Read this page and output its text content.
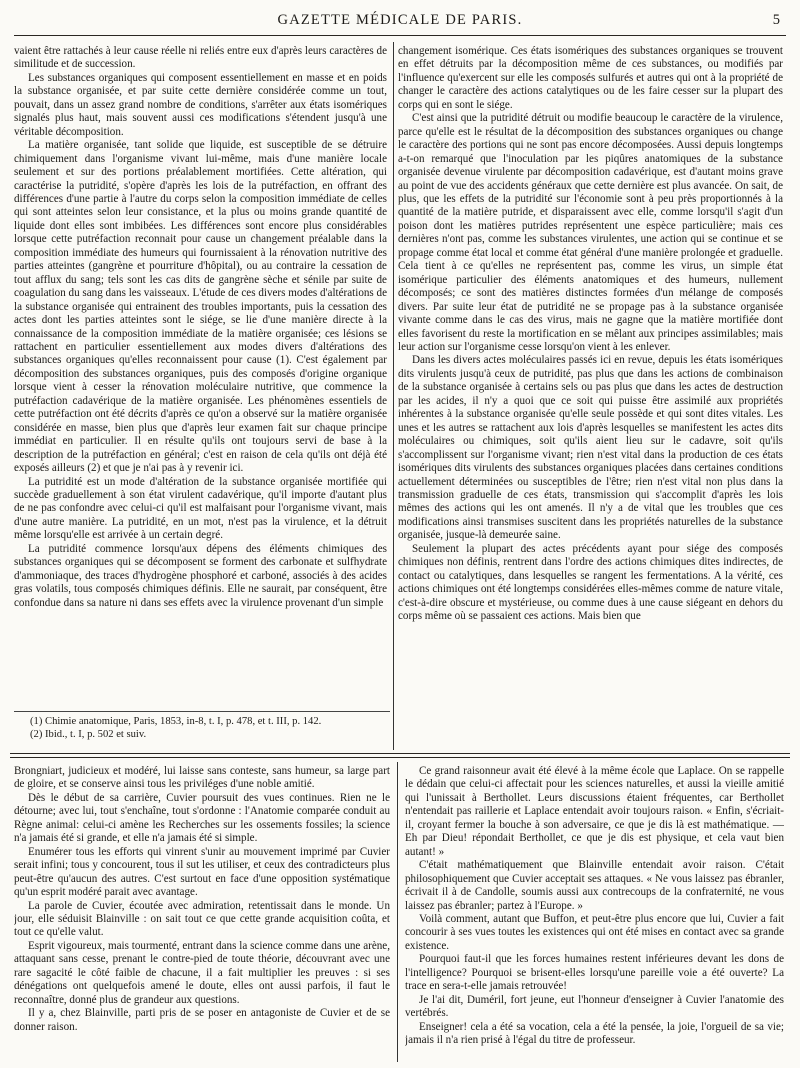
GAZETTE MÉDICALE DE PARIS.	5

vaient être rattachés à leur cause réelle ni reliés entre eux d'après leurs caractères de similitude et de succession.

Les substances organiques qui composent essentiellement en masse et en poids la substance organisée, et par suite cette dernière considérée comme un tout, pouvait, dans un assez grand nombre de conditions, s'arrêter aux états isomériques signalés plus haut, mais souvent aussi ces modifications s'étendent jusqu'à une véritable décomposition.

La matière organisée, tant solide que liquide, est susceptible de se détruire chimiquement dans l'organisme vivant lui-même, mais d'une manière locale seulement et sur des portions préalablement mortifiées. Cette altération, qui caractérise la putridité, s'opère d'après les lois de la putréfaction, en offrant des différences d'une partie à l'autre du corps selon la composition immédiate de celles qui sont atteintes selon leur consistance, et la plus ou moins grande quantité de liquide dont elles sont imbibées. Les différences sont encore plus considérables lorsque cette putréfaction reconnait pour cause un changement préalable dans la composition immédiate des humeurs qui fournissaient à la rénovation nutritive des parties atteintes (gangrène et pourriture d'hôpital), ou au contraire la cessation de tout afflux du sang; tels sont les cas dits de gangrène sèche et sénile par suite de coagulation du sang dans les vaisseaux. L'étude de ces divers modes d'altérations de la substance organisée qui entrainent des troubles importants, puis la cessation des actes dont les parties atteintes sont le siége, se lie d'une manière directe à la connaissance de la composition immédiate de la matière organisée; ces lésions se rattachent en particulier essentiellement aux modes divers d'altérations des substances organiques qu'elles reconnaissent pour cause (1). C'est également par décomposition des substances organiques, puis des composés d'origine organique lorsque vient à cesser la rénovation moléculaire nutritive, que commence la putréfaction cadavérique de la matière organisée. Les phénomènes essentiels de cette putréfaction ont été décrits d'après ce qu'on a observé sur la matière organisée considérée en masse, bien plus que d'après leur examen fait sur chaque principe immédiat en particulier. Il en résulte qu'ils ont toujours servi de base à la description de la putréfaction en général; c'est en raison de cela qu'ils ont déjà été exposés ailleurs (2) et que je n'ai pas à y revenir ici.

La putridité est un mode d'altération de la substance organisée mortifiée qui succède graduellement à son état virulent cadavérique, qu'il importe d'autant plus de ne pas confondre avec celui-ci qu'il est malfaisant pour l'organisme vivant, mais d'une autre manière. La putridité, en un mot, n'est pas la virulence, et la détruit même lorsqu'elle est arrivée à un certain degré.

La putridité commence lorsqu'aux dépens des éléments chimiques des substances organiques qui se décomposent se forment des carbonate et sulfhydrate d'ammoniaque, des traces d'hydrogène phosphoré et carboné, associés à des acides gras volatils, tous composés chimiques définis. Elle ne saurait, par conséquent, être confondue dans sa nature ni dans ses effets avec la virulence provenant d'un simple

(1) Chimie anatomique, Paris, 1853, in-8, t. I, p. 478, et t. III, p. 142.
(2) Ibid., t. I, p. 502 et suiv.

changement isomérique. Ces états isomériques des substances organiques se trouvent en effet détruits par la décomposition même de ces substances, ou modifiés par l'influence qu'exercent sur elle les composés sulfurés et autres qui ont à la propriété de changer le caractère des actions catalytiques ou de les faire cesser sur la plupart des corps qui en sont le siége.

C'est ainsi que la putridité détruit ou modifie beaucoup le caractère de la virulence, parce qu'elle est le résultat de la décomposition des substances organiques ou change le caractère des portions qui ne sont pas encore décomposées. Aussi depuis longtemps a-t-on remarqué que l'inoculation par les piqûres anatomiques de la substance organisée devenue virulente par décomposition cadavérique, est d'autant moins grave au point de vue des accidents généraux que cette dernière est plus avancée. On sait, de plus, que les effets de la putridité sur l'économie sont à peu près proportionnés à la quantité de la matière putride, et disparaissent avec elle, comme lorsqu'il s'agit d'un poison dont les matières putrides représentent une espèce particulière; mais ces dernières n'ont pas, comme les substances virulentes, une action qui se continue et se propage comme état local et comme état général d'une manière prolongée et graduelle. Cela tient à ce qu'elles ne représentent pas, comme les virus, un simple état isomérique particulier des éléments anatomiques et des humeurs, nullement décomposés; ce sont des matières distinctes formées d'un mélange de composés divers. Par suite leur état de putridité ne se propage pas à la substance organisée vivante comme dans le cas des virus, mais ne gagne que la matière mortifiée dont elles favorisent du reste la mortification en se mêlant aux principes assimilables; mais leur action sur l'organisme cesse lorsqu'on vient à les enlever.

Dans les divers actes moléculaires passés ici en revue, depuis les états isomériques dits virulents jusqu'à ceux de putridité, pas plus que dans les actions de combinaison de la substance organisée à certains sels ou pas plus que dans les actes de destruction par les acides, il n'y a quoi que ce soit qui puisse être assimilé aux propriétés inhérentes à la substance organisée qu'elle seule possède et qui sont dites vitales. Les unes et les autres se rattachent aux lois d'après lesquelles se manifestent les actes dits moléculaires ou chimiques, soit qu'ils aient lieu sur le cadavre, soit qu'ils s'accomplissent sur l'organisme vivant; rien n'est vital dans la production de ces états isomériques dits virulents des substances organiques placées dans certaines conditions actuellement déterminées ou susceptibles de l'être; rien n'est vital non plus dans la transmission graduelle de ces états, transmission qui s'accomplit d'après les lois mêmes des actions qui les ont amenés. Il n'y a de vital que les troubles que ces modifications ainsi transmises suscitent dans les propriétés naturelles de la substance organisée, jusque-là demeurée saine.

Seulement la plupart des actes précédents ayant pour siége des composés chimiques non définis, rentrent dans l'ordre des actions chimiques dites indirectes, de contact ou catalytiques, dans lesquelles se rangent les fermentations. A la vérité, ces actions chimiques ont été longtemps considérées elles-mêmes comme de nature vitale, c'est-à-dire obscure et mystérieuse, ou comme dues à une cause siégeant en dehors du corps même où se passaient ces actions. Mais bien que

Brongniart, judicieux et modéré, lui laisse sans conteste, sans humeur, sa large part de gloire, et se conserve ainsi tous les priviléges d'une noble amitié.

Dès le début de sa carrière, Cuvier poursuit des vues continues. Rien ne le détourne; avec lui, tout s'enchaîne, tout s'ordonne : l'Anatomie comparée conduit au Règne animal: celui-ci amène les Recherches sur les ossements fossiles; la science n'a jamais été si grande, et elle n'a jamais été si simple.

Enumérer tous les efforts qui vinrent s'unir au mouvement imprimé par Cuvier serait infini; tous y concourent, tous il sut les utiliser, et ceux des contradicteurs plus peut-être qu'aucun des autres. C'est surtout en face d'une opposition systématique qu'un esprit modéré parait avec avantage.

La parole de Cuvier, écoutée avec admiration, retentissait dans le monde. Un jour, elle séduisit Blainville : on sait tout ce que cette grande acquisition coûta, et tout ce qu'elle valut.

Esprit vigoureux, mais tourmenté, entrant dans la science comme dans une arène, attaquant sans cesse, prenant le contre-pied de toute théorie, découvrant avec une rare sagacité le côté faible de chacune, il a fait multiplier les preuves : si ses dénégations ont quelquefois amené le doute, elles ont aussi parfois, il faut le reconnaître, donné plus de grandeur aux questions.

Il y a, chez Blainville, parti pris de se poser en antagoniste de Cuvier et de se donner raison.

Ce grand raisonneur avait été élevé à la même école que Laplace. On se rappelle le dédain que celui-ci affectait pour les sciences naturelles, et aussi la vieille amitié qui l'unissait à Berthollet. Leurs discussions étaient fréquentes, car Berthollet n'entendait pas raillerie et Laplace entendait avoir toujours raison. « Enfin, s'écriait-il, croyant fermer la bouche à son adversaire, ce que je dis là est mathématique. — Eh par Dieu! répondait Berthollet, ce que je dis est physique, et cela vaut bien autant! »

C'était mathématiquement que Blainville entendait avoir raison. C'était philosophiquement que Cuvier acceptait ses attaques. « Ne vous laissez pas ébranler, écrivait il à de Candolle, soumis aussi aux contrecoups de la confraternité, ne vous laissez pas ébranler; partez à l'Europe. »

Voilà comment, autant que Buffon, et peut-être plus encore que lui, Cuvier a fait concourir à ses vues toutes les existences qui ont été mises en contact avec sa grande existence.

Pourquoi faut-il que les forces humaines restent inférieures devant les dons de l'intelligence? Pourquoi se brisent-elles lorsqu'une pareille voie a été ouverte? La trace en sera-t-elle jamais retrouvée!

Je l'ai dit, Duméril, fort jeune, eut l'honneur d'enseigner à Cuvier l'anatomie des vertébrés.

Enseigner! cela a été sa vocation, cela a été la pensée, la joie, l'orgueil de sa vie; jamais il n'a rien prisé à l'égal du titre de professeur.
